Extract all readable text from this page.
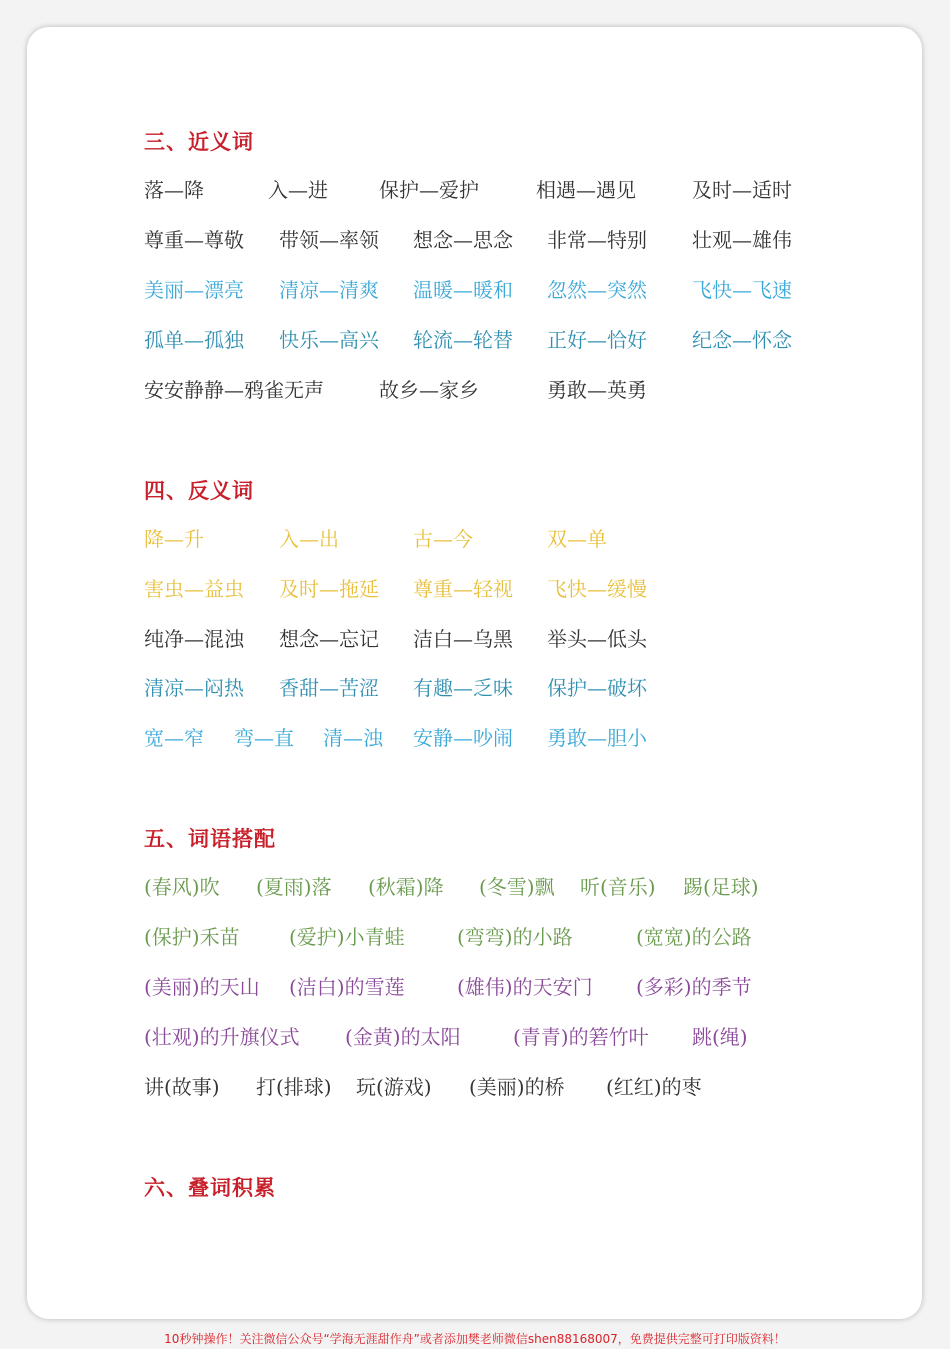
三、近义词
落—降	入—进	保护—爱护	相遇—遇见	及时—适时
尊重—尊敬 带领—率领 想念—思念 非常—特别 壮观—雄伟
美丽—漂亮 清凉—清爽 温暖—暖和 忽然—突然 飞快—飞速
孤单—孤独 快乐—高兴 轮流—轮替 正好—恰好 纪念—怀念
安安静静—鸦雀无声	故乡—家乡	勇敢—英勇
四、反义词
降—升	入—出	古—今	双—单
害虫—益虫 及时—拖延 尊重—轻视 飞快—缓慢
纯净—混浊 想念—忘记 洁白—乌黑 举头—低头
清凉—闷热 香甜—苦涩 有趣—乏味 保护—破坏
宽—窄 弯—直 清—浊 安静—吵闹 勇敢—胆小
五、词语搭配
(春风)吹 (夏雨)落 (秋霜)降 (冬雪)飘 听(音乐) 踢(足球)
(保护)禾苗 (爱护)小青蛙	(弯弯)的小路	(宽宽)的公路
(美丽)的天山 (洁白)的雪莲	(雄伟)的天安门 (多彩)的季节
(壮观)的升旗仪式 (金黄)的太阳	(青青)的箬竹叶 跳(绳)
讲(故事) 打(排球) 玩(游戏) (美丽)的桥 (红红)的枣
六、叠词积累
10秒钟操作！关注微信公众号“学海无涯甜作舟”或者添加樊老师微信shen88168007，免费提供完整可打印版资料！
